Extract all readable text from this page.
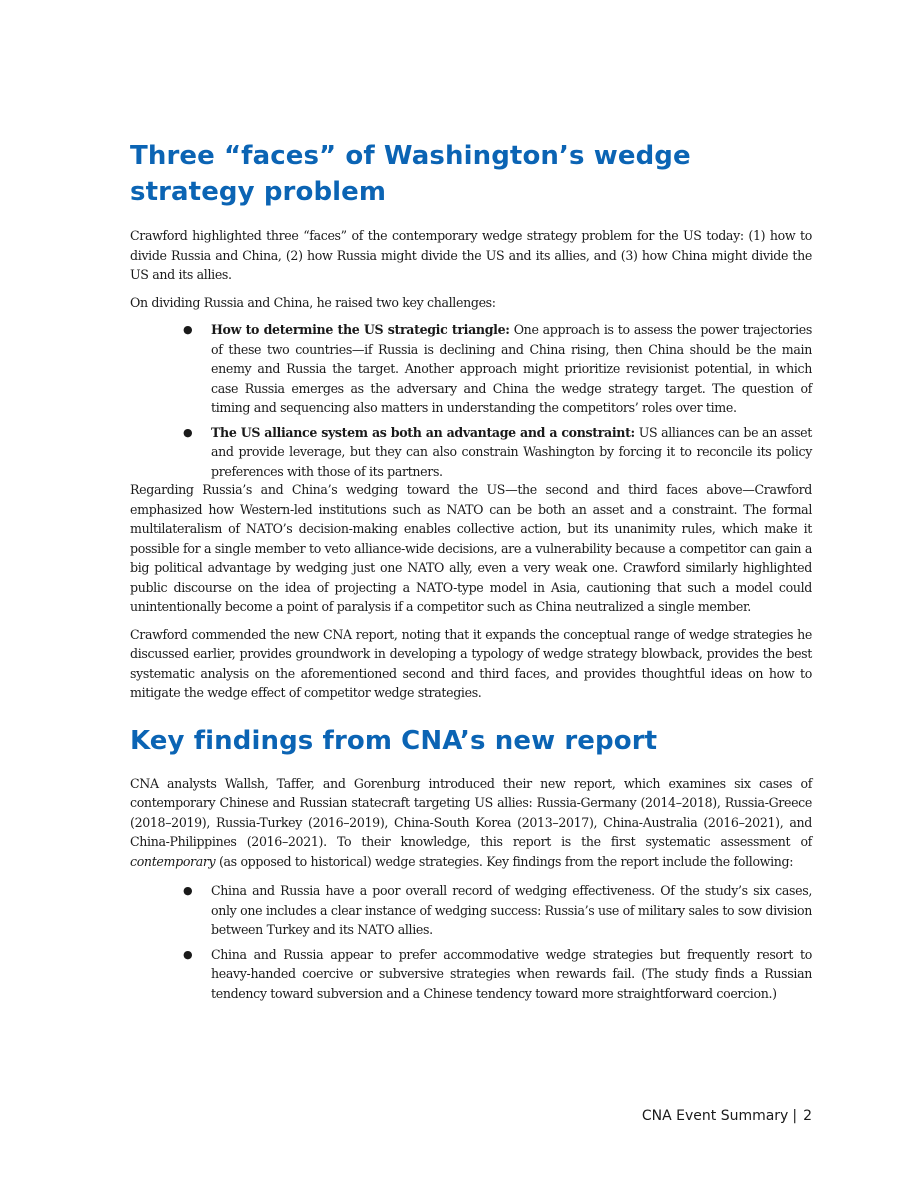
Three “faces” of Washington’s wedge strategy problem

Crawford highlighted three “faces” of the contemporary wedge strategy problem for the US today: (1) how to divide Russia and China, (2) how Russia might divide the US and its allies, and (3) how China might divide the US and its allies.

On dividing Russia and China, he raised two key challenges:

● How to determine the US strategic triangle: One approach is to assess the power trajectories of these two countries—if Russia is declining and China rising, then China should be the main enemy and Russia the target. Another approach might prioritize revisionist potential, in which case Russia emerges as the adversary and China the wedge strategy target. The question of timing and sequencing also matters in understanding the competitors’ roles over time.
● The US alliance system as both an advantage and a constraint: US alliances can be an asset and provide leverage, but they can also constrain Washington by forcing it to reconcile its policy preferences with those of its partners.

Regarding Russia’s and China’s wedging toward the US—the second and third faces above—Crawford emphasized how Western-led institutions such as NATO can be both an asset and a constraint. The formal multilateralism of NATO’s decision-making enables collective action, but its unanimity rules, which make it possible for a single member to veto alliance-wide decisions, are a vulnerability because a competitor can gain a big political advantage by wedging just one NATO ally, even a very weak one. Crawford similarly highlighted public discourse on the idea of projecting a NATO-type model in Asia, cautioning that such a model could unintentionally become a point of paralysis if a competitor such as China neutralized a single member.

Crawford commended the new CNA report, noting that it expands the conceptual range of wedge strategies he discussed earlier, provides groundwork in developing a typology of wedge strategy blowback, provides the best systematic analysis on the aforementioned second and third faces, and provides thoughtful ideas on how to mitigate the wedge effect of competitor wedge strategies.

Key findings from CNA’s new report

CNA analysts Wallsh, Taffer, and Gorenburg introduced their new report, which examines six cases of contemporary Chinese and Russian statecraft targeting US allies: Russia-Germany (2014–2018), Russia-Greece (2018–2019), Russia-Turkey (2016–2019), China-South Korea (2013–2017), China-Australia (2016–2021), and China-Philippines (2016–2021). To their knowledge, this report is the first systematic assessment of contemporary (as opposed to historical) wedge strategies. Key findings from the report include the following:

● China and Russia have a poor overall record of wedging effectiveness. Of the study’s six cases, only one includes a clear instance of wedging success: Russia’s use of military sales to sow division between Turkey and its NATO allies.
● China and Russia appear to prefer accommodative wedge strategies but frequently resort to heavy-handed coercive or subversive strategies when rewards fail. (The study finds a Russian tendency toward subversion and a Chinese tendency toward more straightforward coercion.)
CNA Event Summary | 2
